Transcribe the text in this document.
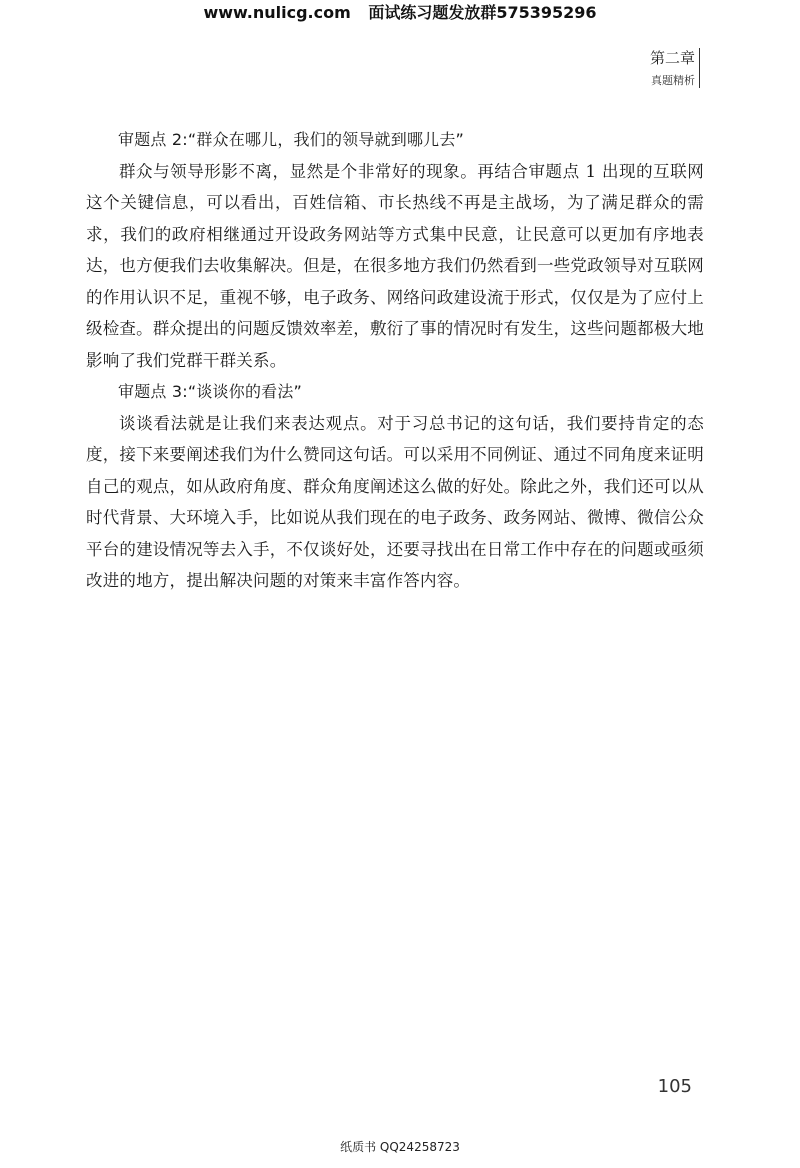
www.nulicg.com 面试练习题发放群575395296
第二章
真题精析

审题点 2:“群众在哪儿，我们的领导就到哪儿去”

群众与领导形影不离，显然是个非常好的现象。再结合审题点 1 出现的互联网这个关键信息，可以看出，百姓信箱、市长热线不再是主战场，为了满足群众的需求，我们的政府相继通过开设政务网站等方式集中民意，让民意可以更加有序地表达，也方便我们去收集解决。但是，在很多地方我们仍然看到一些党政领导对互联网的作用认识不足，重视不够，电子政务、网络问政建设流于形式，仅仅是为了应付上级检查。群众提出的问题反馈效率差，敷衍了事的情况时有发生，这些问题都极大地影响了我们党群干群关系。

审题点 3:“谈谈你的看法”

谈谈看法就是让我们来表达观点。对于习总书记的这句话，我们要持肯定的态度，接下来要阐述我们为什么赞同这句话。可以采用不同例证、通过不同角度来证明自己的观点，如从政府角度、群众角度阐述这么做的好处。除此之外，我们还可以从时代背景、大环境入手，比如说从我们现在的电子政务、政务网站、微博、微信公众平台的建设情况等去入手，不仅谈好处，还要寻找出在日常工作中存在的问题或亟须改进的地方，提出解决问题的对策来丰富作答内容。

105
纸质书 QQ24258723
